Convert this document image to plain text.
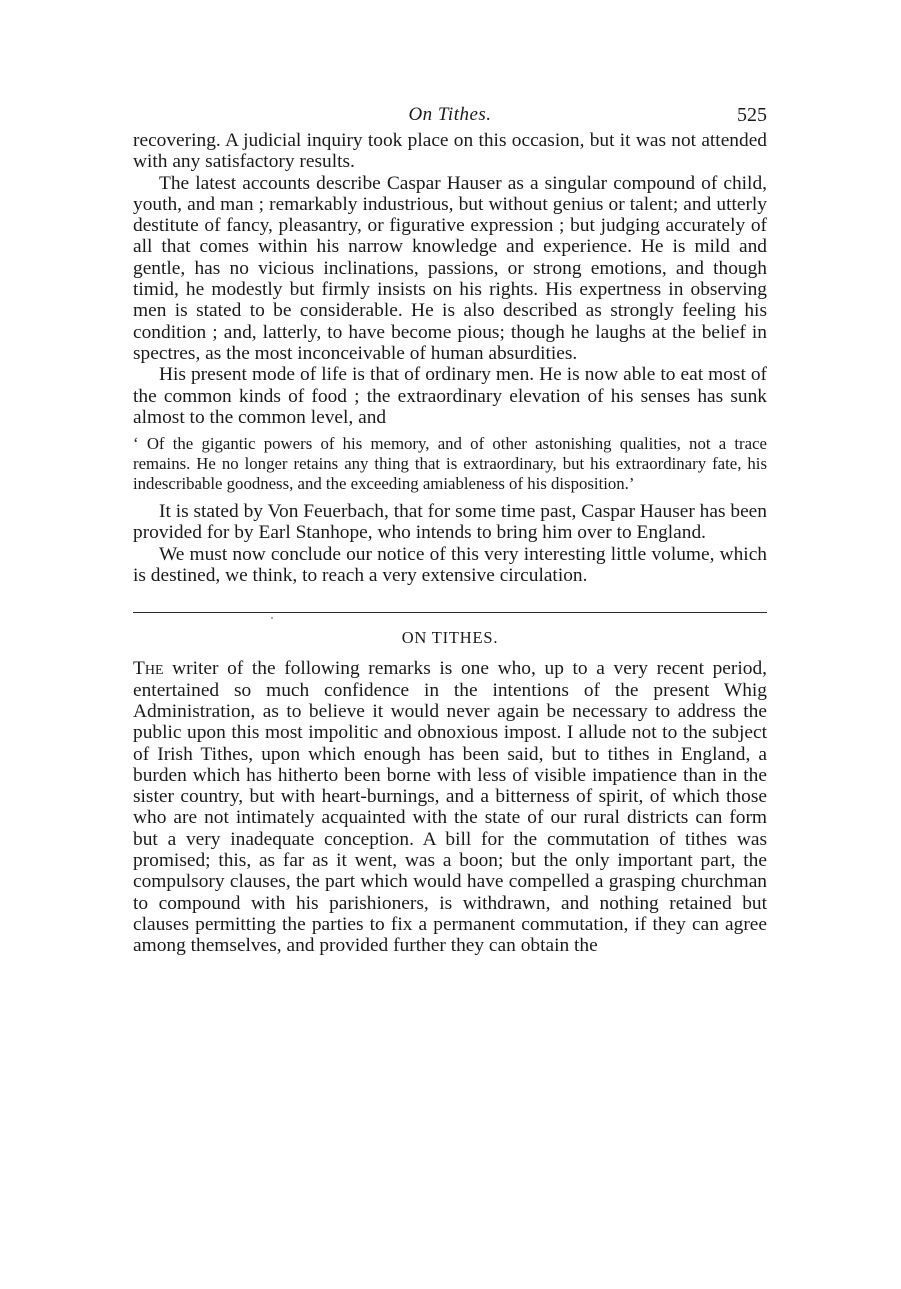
On Tithes.	525

recovering. A judicial inquiry took place on this occasion, but it was not attended with any satisfactory results.

The latest accounts describe Caspar Hauser as a singular compound of child, youth, and man ; remarkably industrious, but without genius or talent; and utterly destitute of fancy, pleasantry, or figurative expression ; but judging accurately of all that comes within his narrow knowledge and experience. He is mild and gentle, has no vicious inclinations, passions, or strong emotions, and though timid, he modestly but firmly insists on his rights. His expertness in observing men is stated to be considerable. He is also described as strongly feeling his condition ; and, latterly, to have become pious; though he laughs at the belief in spectres, as the most inconceivable of human absurdities.

His present mode of life is that of ordinary men. He is now able to eat most of the common kinds of food ; the extraordinary elevation of his senses has sunk almost to the common level, and

‘ Of the gigantic powers of his memory, and of other astonishing qualities, not a trace remains. He no longer retains any thing that is extraordinary, but his extraordinary fate, his indescribable goodness, and the exceeding amiableness of his disposition.’

It is stated by Von Feuerbach, that for some time past, Caspar Hauser has been provided for by Earl Stanhope, who intends to bring him over to England.

We must now conclude our notice of this very interesting little volume, which is destined, we think, to reach a very extensive circulation.

ON TITHES.

The writer of the following remarks is one who, up to a very recent period, entertained so much confidence in the intentions of the present Whig Administration, as to believe it would never again be necessary to address the public upon this most impolitic and obnoxious impost. I allude not to the subject of Irish Tithes, upon which enough has been said, but to tithes in England, a burden which has hitherto been borne with less of visible impatience than in the sister country, but with heart-burnings, and a bitterness of spirit, of which those who are not intimately acquainted with the state of our rural districts can form but a very inadequate conception. A bill for the commutation of tithes was promised; this, as far as it went, was a boon; but the only important part, the compulsory clauses, the part which would have compelled a grasping churchman to compound with his parishioners, is withdrawn, and nothing retained but clauses permitting the parties to fix a permanent commutation, if they can agree among themselves, and provided further they can obtain the
